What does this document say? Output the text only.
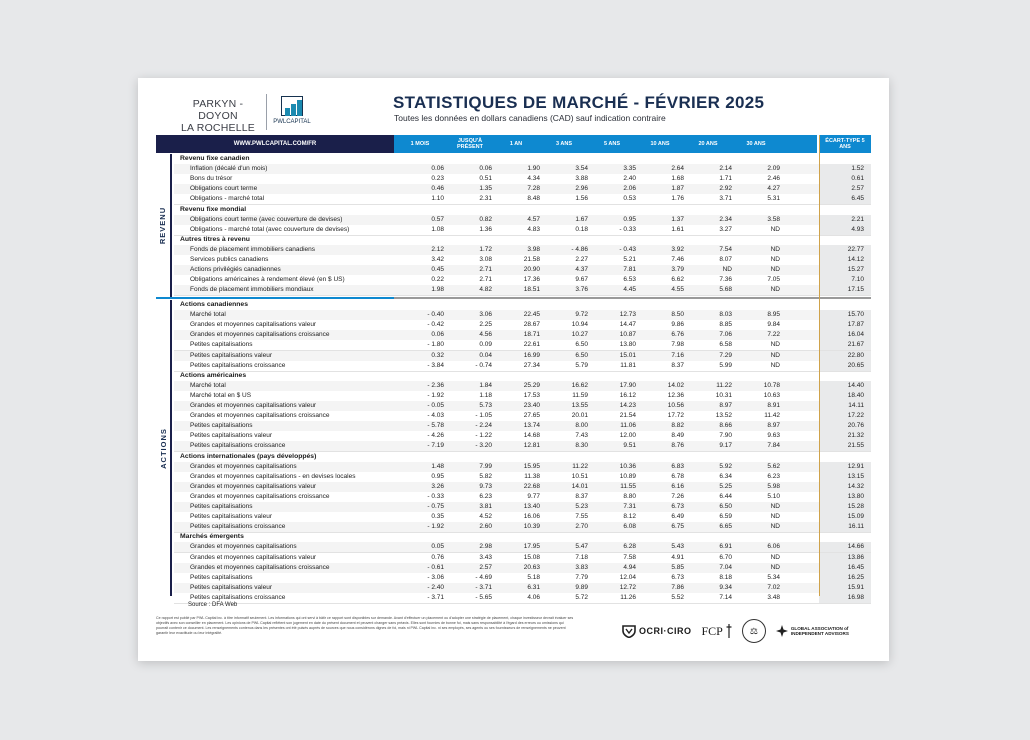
PARKYN - DOYON
LA ROCHELLE	PWLCAPITAL
STATISTIQUES DE MARCHÉ - FÉVRIER 2025
Toutes les données en dollars canadiens (CAD) sauf indication contraire
WWW.PWLCAPITAL.COM/FR	1 MOIS	JUSQU'À PRÉSENT	1 AN	3 ANS	5 ANS	10 ANS	20 ANS	30 ANS	ÉCART-TYPE 5 ANS
REVENU
ACTIONS
Revenu fixe canadien
Inflation (décalé d'un mois)	0.06	0.06	1.90	3.54	3.35	2.64	2.14	2.09	1.52
Bons du trésor	0.23	0.51	4.34	3.88	2.40	1.68	1.71	2.46	0.61
Obligations court terme	0.46	1.35	7.28	2.96	2.06	1.87	2.92	4.27	2.57
Obligations - marché total	1.10	2.31	8.48	1.56	0.53	1.76	3.71	5.31	6.45
Revenu fixe mondial
Obligations court terme (avec couverture de devises)	0.57	0.82	4.57	1.67	0.95	1.37	2.34	3.58	2.21
Obligations - marché total (avec couverture de devises)	1.08	1.36	4.83	0.18	- 0.33	1.61	3.27	ND	4.93
Autres titres à revenu
Fonds de placement immobiliers canadiens	2.12	1.72	3.98	- 4.86	- 0.43	3.92	7.54	ND	22.77
Services publics canadiens	3.42	3.08	21.58	2.27	5.21	7.46	8.07	ND	14.12
Actions privilégiés canadiennes	0.45	2.71	20.90	4.37	7.81	3.79	ND	ND	15.27
Obligations américaines à rendement élevé (en $ US)	0.22	2.71	17.36	9.67	6.53	6.62	7.36	7.05	7.10
Fonds de placement immobiliers mondiaux	1.98	4.82	18.51	3.76	4.45	4.55	5.68	ND	17.15
Actions canadiennes
Marché total	- 0.40	3.06	22.45	9.72	12.73	8.50	8.03	8.95	15.70
Grandes et moyennes capitalisations valeur	- 0.42	2.25	28.67	10.94	14.47	9.86	8.85	9.84	17.87
Grandes et moyennes capitalisations croissance	0.06	4.56	18.71	10.27	10.87	6.76	7.06	7.22	16.04
Petites capitalisations	- 1.80	0.09	22.61	6.50	13.80	7.98	6.58	ND	21.67
Petites capitalisations valeur	0.32	0.04	16.99	6.50	15.01	7.16	7.29	ND	22.80
Petites capitalisations croissance	- 3.84	- 0.74	27.34	5.79	11.81	8.37	5.99	ND	20.65
Actions américaines
Marché total	- 2.36	1.84	25.29	16.62	17.90	14.02	11.22	10.78	14.40
Marché total en $ US	- 1.92	1.18	17.53	11.59	16.12	12.36	10.31	10.63	18.40
Grandes et moyennes capitalisations valeur	- 0.05	5.73	23.40	13.55	14.23	10.56	8.97	8.91	14.11
Grandes et moyennes capitalisations croissance	- 4.03	- 1.05	27.65	20.01	21.54	17.72	13.52	11.42	17.22
Petites capitalisations	- 5.78	- 2.24	13.74	8.00	11.06	8.82	8.66	8.97	20.76
Petites capitalisations valeur	- 4.26	- 1.22	14.68	7.43	12.00	8.49	7.90	9.63	21.32
Petites capitalisations croissance	- 7.19	- 3.20	12.81	8.30	9.51	8.76	9.17	7.84	21.55
Actions internationales (pays développés)
Grandes et moyennes capitalisations	1.48	7.99	15.95	11.22	10.36	6.83	5.92	5.62	12.91
Grandes et moyennes capitalisations - en devises locales	0.95	5.82	11.38	10.51	10.89	6.78	6.34	6.23	13.15
Grandes et moyennes capitalisations valeur	3.26	9.73	22.68	14.01	11.55	6.16	5.25	5.98	14.32
Grandes et moyennes capitalisations croissance	- 0.33	6.23	9.77	8.37	8.80	7.26	6.44	5.10	13.80
Petites capitalisations	- 0.75	3.81	13.40	5.23	7.31	6.73	6.50	ND	15.28
Petites capitalisations valeur	0.35	4.52	16.06	7.55	8.12	6.49	6.59	ND	15.09
Petites capitalisations croissance	- 1.92	2.60	10.39	2.70	6.08	6.75	6.65	ND	16.11
Marchés émergents
Grandes et moyennes capitalisations	0.05	2.98	17.95	5.47	6.28	5.43	6.91	6.06	14.66
Grandes et moyennes capitalisations valeur	0.76	3.43	15.08	7.18	7.58	4.91	6.70	ND	13.86
Grandes et moyennes capitalisations croissance	- 0.61	2.57	20.63	3.83	4.94	5.85	7.04	ND	16.45
Petites capitalisations	- 3.06	- 4.69	5.18	7.79	12.04	6.73	8.18	5.34	16.25
Petites capitalisations valeur	- 2.40	- 3.71	6.31	9.89	12.72	7.86	9.34	7.02	15.91
Petites capitalisations croissance	- 3.71	- 5.65	4.06	5.72	11.26	5.52	7.14	3.48	16.98
Source : DFA Web
Ce rapport est publié par PWL Capital inc. à titre informatif seulement. Les informations qui ont servi à bâtir ce rapport sont disponibles sur demande. Avant d'effectuer un placement ou d'adopter une stratégie de placement, chaque investisseur devrait évaluer ses objectifs avec son conseiller en placement. Les opinions de PWL Capital reflètent son jugement en date du présent document et peuvent changer sans préavis. Elles sont fournies de bonne foi, mais sans responsabilité à l'égard des erreurs ou omissions qui pourrait contenir ce document. Les renseignements contenus dans les présentes ont été puisés auprès de sources que nous considérons dignes de foi, mais ni PWL Capital inc. ni ses employés, ses agents ou ses fournisseurs de renseignements ne peuvent garantir leur exactitude ou leur intégralité.	OCRI·CIRO FCP	⚖	GLOBAL ASSOCIATION of INDEPENDENT ADVISORS
